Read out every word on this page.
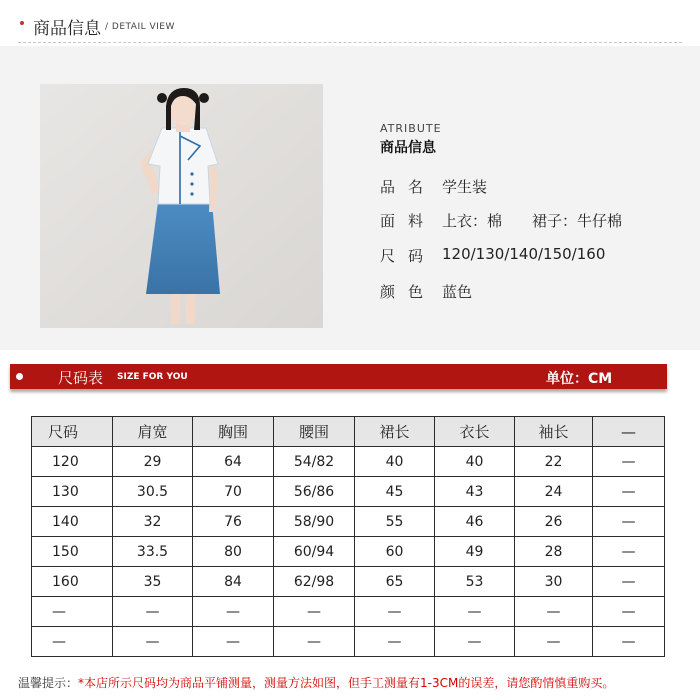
商品信息 / DETAIL VIEW
ATRIBUTE
商品信息
品名 学生装
面料 上衣：棉　　裙子：牛仔棉
尺码 120/130/140/150/160
颜色 蓝色
尺码表 SIZE FOR YOU	单位：CM
尺码	肩宽	胸围	腰围	裙长	衣长	袖长	—
120	29	64	54/82	40	40	22	—
130	30.5	70	56/86	45	43	24	—
140	32	76	58/90	55	46	26	—
150	33.5	80	60/94	60	49	28	—
160	35	84	62/98	65	53	30	—
—	—	—	—	—	—	—	—
—	—	—	—	—	—	—	—
温馨提示：*本店所示尺码均为商品平铺测量，测量方法如图，但手工测量有1-3CM的误差，请您酌情慎重购买。
